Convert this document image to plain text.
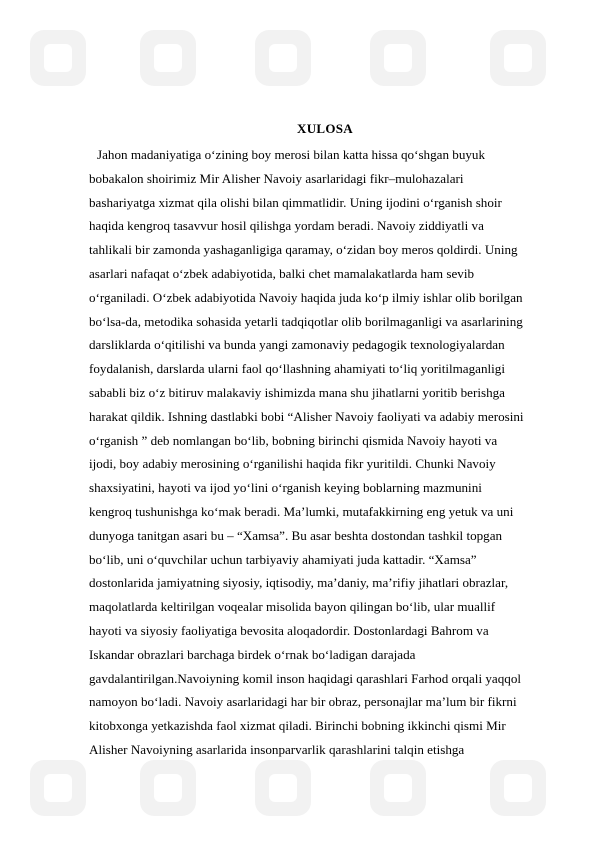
XULOSA
Jahon madaniyatiga o‘zining boy merosi bilan katta hissa qo‘shgan buyuk
bobakalon shoirimiz Mir Alisher Navoiy asarlaridagi fikr–mulohazalari
bashariyatga xizmat qila olishi bilan qimmatlidir. Uning ijodini o‘rganish shoir
haqida kengroq tasavvur hosil qilishga yordam beradi. Navoiy ziddiyatli va
tahlikali bir zamonda yashaganligiga qaramay, o‘zidan boy meros qoldirdi. Uning
asarlari nafaqat o‘zbek adabiyotida, balki chet mamalakatlarda ham sevib
o‘rganiladi. O‘zbek adabiyotida Navoiy haqida juda ko‘p ilmiy ishlar olib borilgan
bo‘lsa-da, metodika sohasida yetarli tadqiqotlar olib borilmaganligi va asarlarining
darsliklarda o‘qitilishi va bunda yangi zamonaviy pedagogik texnologiyalardan
foydalanish, darslarda ularni faol qo‘llashning ahamiyati to‘liq yoritilmaganligi
sababli biz o‘z bitiruv malakaviy ishimizda mana shu jihatlarni yoritib berishga
harakat qildik. Ishning dastlabki bobi “Alisher Navoiy faoliyati va adabiy merosini
o‘rganish ” deb nomlangan bo‘lib, bobning birinchi qismida Navoiy hayoti va
ijodi, boy adabiy merosining o‘rganilishi haqida fikr yuritildi. Chunki Navoiy
shaxsiyatini, hayoti va ijod yo‘lini o‘rganish keying boblarning mazmunini
kengroq tushunishga ko‘mak beradi. Ma’lumki, mutafakkirning eng yetuk va uni
dunyoga tanitgan asari bu – “Xamsa”. Bu asar beshta dostondan tashkil topgan
bo‘lib, uni o‘quvchilar uchun tarbiyaviy ahamiyati juda kattadir. “Xamsa”
dostonlarida jamiyatning siyosiy, iqtisodiy, ma’daniy, ma’rifiy jihatlari obrazlar,
maqolatlarda keltirilgan voqealar misolida bayon qilingan bo‘lib, ular muallif
hayoti va siyosiy faoliyatiga bevosita aloqadordir. Dostonlardagi Bahrom va
Iskandar obrazlari barchaga birdek o‘rnak bo‘ladigan darajada
gavdalantirilgan.Navoiyning komil inson haqidagi qarashlari Farhod orqali yaqqol
namoyon bo‘ladi. Navoiy asarlaridagi har bir obraz, personajlar ma’lum bir fikrni
kitobxonga yetkazishda faol xizmat qiladi. Birinchi bobning ikkinchi qismi Mir
Alisher Navoiyning asarlarida insonparvarlik qarashlarini talqin etishga
